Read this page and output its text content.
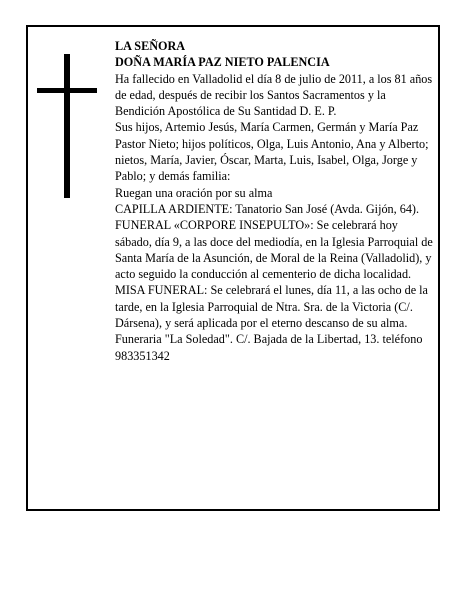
LA SEÑORA

DOÑA MARÍA PAZ NIETO PALENCIA

Ha fallecido en Valladolid el día 8 de julio de 2011, a los 81 años de edad, después de recibir los Santos Sacramentos y la Bendición Apostólica de Su Santidad D. E. P.

Sus hijos, Artemio Jesús, María Carmen, Germán y María Paz Pastor Nieto; hijos políticos, Olga, Luis Antonio, Ana y Alberto; nietos, María, Javier, Óscar, Marta, Luis, Isabel, Olga, Jorge y Pablo; y demás familia:

Ruegan una oración por su alma

CAPILLA ARDIENTE: Tanatorio San José (Avda. Gijón, 64).

FUNERAL «CORPORE INSEPULTO»: Se celebrará hoy sábado, día 9, a las doce del mediodía, en la Iglesia Parroquial de Santa María de la Asunción, de Moral de la Reina (Valladolid), y acto seguido la conducción al cementerio de dicha localidad.

MISA FUNERAL: Se celebrará el lunes, día 11, a las ocho de la tarde, en la Iglesia Parroquial de Ntra. Sra. de la Victoria (C/. Dársena), y será aplicada por el eterno descanso de su alma.

Funeraria "La Soledad". C/. Bajada de la Libertad, 13. teléfono 983351342
